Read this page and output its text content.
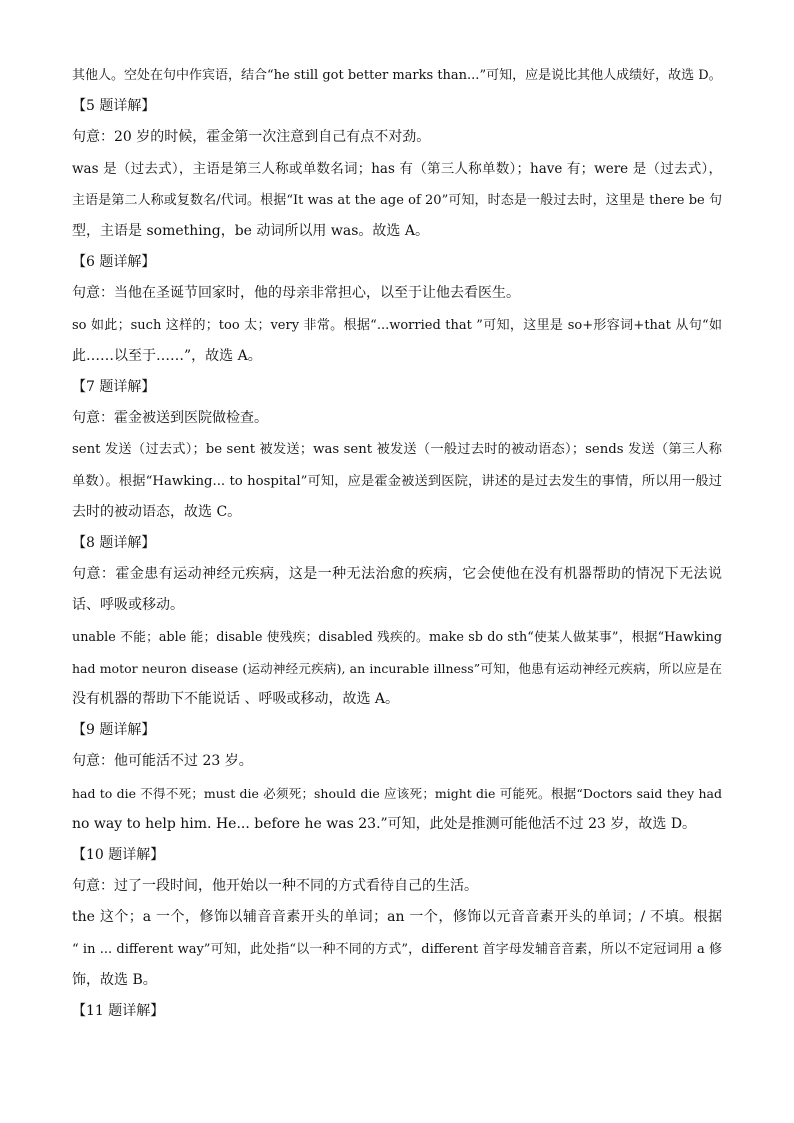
其他人。空处在句中作宾语，结合“he still got better marks than...”可知，应是说比其他人成绩好，故选 D。
【5 题详解】
句意：20 岁的时候，霍金第一次注意到自己有点不对劲。
was 是（过去式），主语是第三人称或单数名词；has 有（第三人称单数）；have 有；were 是（过去式），
主语是第二人称或复数名/代词。根据“It was at the age of 20”可知，时态是一般过去时，这里是 there be 句
型，主语是 something，be 动词所以用 was。故选 A。
【6 题详解】
句意：当他在圣诞节回家时，他的母亲非常担心，以至于让他去看医生。
so 如此；such 这样的；too 太；very 非常。根据“...worried that ”可知，这里是 so+形容词+that 从句“如
此……以至于……”，故选 A。
【7 题详解】
句意：霍金被送到医院做检查。
sent 发送（过去式）；be sent 被发送；was sent 被发送（一般过去时的被动语态）；sends 发送（第三人称
单数）。根据“Hawking... to hospital”可知，应是霍金被送到医院，讲述的是过去发生的事情，所以用一般过
去时的被动语态，故选 C。
【8 题详解】
句意：霍金患有运动神经元疾病，这是一种无法治愈的疾病，它会使他在没有机器帮助的情况下无法说
话、呼吸或移动。
unable 不能；able 能；disable 使残疾；disabled 残疾的。make sb do sth“使某人做某事”，根据“Hawking
had motor neuron disease (运动神经元疾病), an incurable illness”可知，他患有运动神经元疾病，所以应是在
没有机器的帮助下不能说话 、呼吸或移动，故选 A。
【9 题详解】
句意：他可能活不过 23 岁。
had to die 不得不死；must die 必须死；should die 应该死；might die 可能死。根据“Doctors said they had
no way to help him. He... before he was 23.”可知，此处是推测可能他活不过 23 岁，故选 D。
【10 题详解】
句意：过了一段时间，他开始以一种不同的方式看待自己的生活。
the 这个；a 一个，修饰以辅音音素开头的单词；an 一个，修饰以元音音素开头的单词；/ 不填。根据
“ in ... different way”可知，此处指“以一种不同的方式”，different 首字母发辅音音素，所以不定冠词用 a 修
饰，故选 B。
【11 题详解】
